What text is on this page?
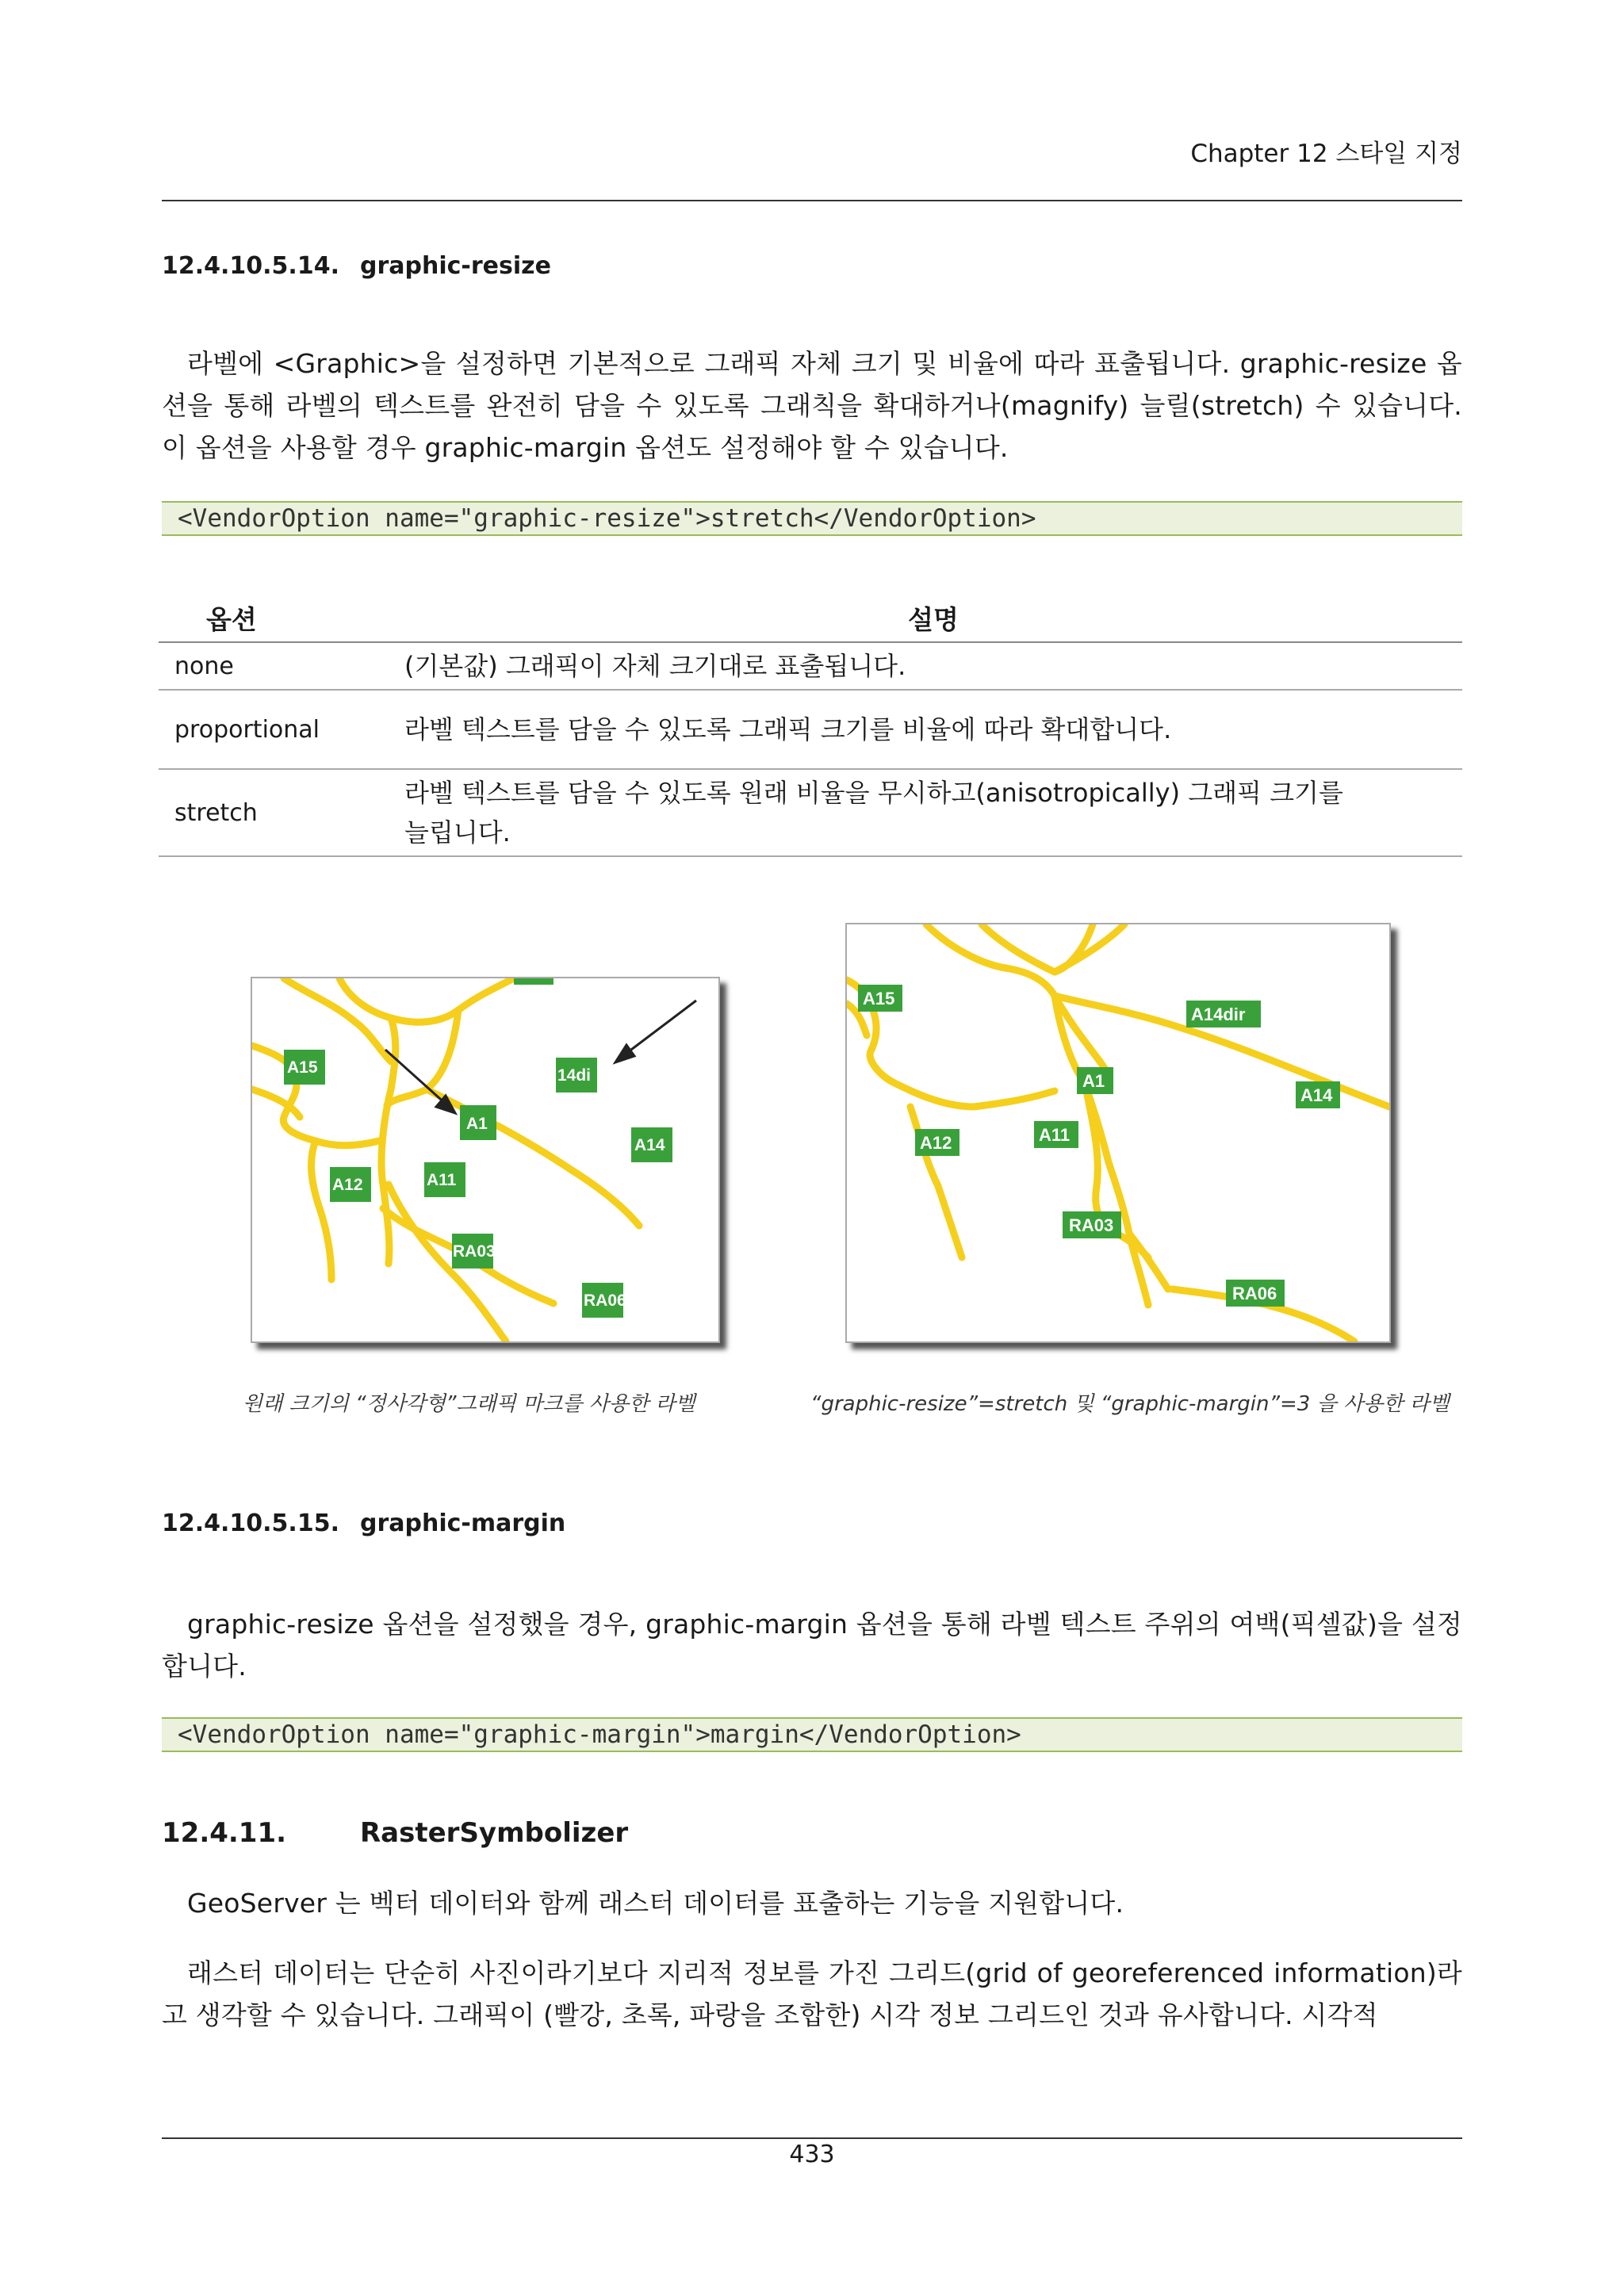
Chapter 12 스타일 지정
12.4.10.5.14. graphic-resize
라벨에 <Graphic>을 설정하면 기본적으로 그래픽 자체 크기 및 비율에 따라 표출됩니다. graphic-resize 옵션을 통해 라벨의 텍스트를 완전히 담을 수 있도록 그래칙을 확대하거나(magnify) 늘릴(stretch) 수 있습니다. 이 옵션을 사용할 경우 graphic-margin 옵션도 설정해야 할 수 있습니다.
<VendorOption name="graphic-resize">stretch</VendorOption>
옵션	설명
none	(기본값) 그래픽이 자체 크기대로 표출됩니다.
proportional	라벨 텍스트를 담을 수 있도록 그래픽 크기를 비율에 따라 확대합니다.
stretch	라벨 텍스트를 담을 수 있도록 원래 비율을 무시하고(anisotropically) 그래픽 크기를 늘립니다.
A15
A1
14di
A14
A12	A11
RA03
RA06
A15
A14dir
A1
A14
A12	A11
RA03
RA06
원래 크기의 “정사각형”그래픽 마크를 사용한 라벨	“graphic-resize”=stretch 및 “graphic-margin”=3 을 사용한 라벨
12.4.10.5.15. graphic-margin
graphic-resize 옵션을 설정했을 경우, graphic-margin 옵션을 통해 라벨 텍스트 주위의 여백(픽셀값)을 설정합니다.
<VendorOption name="graphic-margin">margin</VendorOption>
12.4.11.	RasterSymbolizer
GeoServer 는 벡터 데이터와 함께 래스터 데이터를 표출하는 기능을 지원합니다.
래스터 데이터는 단순히 사진이라기보다 지리적 정보를 가진 그리드(grid of georeferenced information)라고 생각할 수 있습니다. 그래픽이 (빨강, 초록, 파랑을 조합한) 시각 정보 그리드인 것과 유사합니다. 시각적
433
